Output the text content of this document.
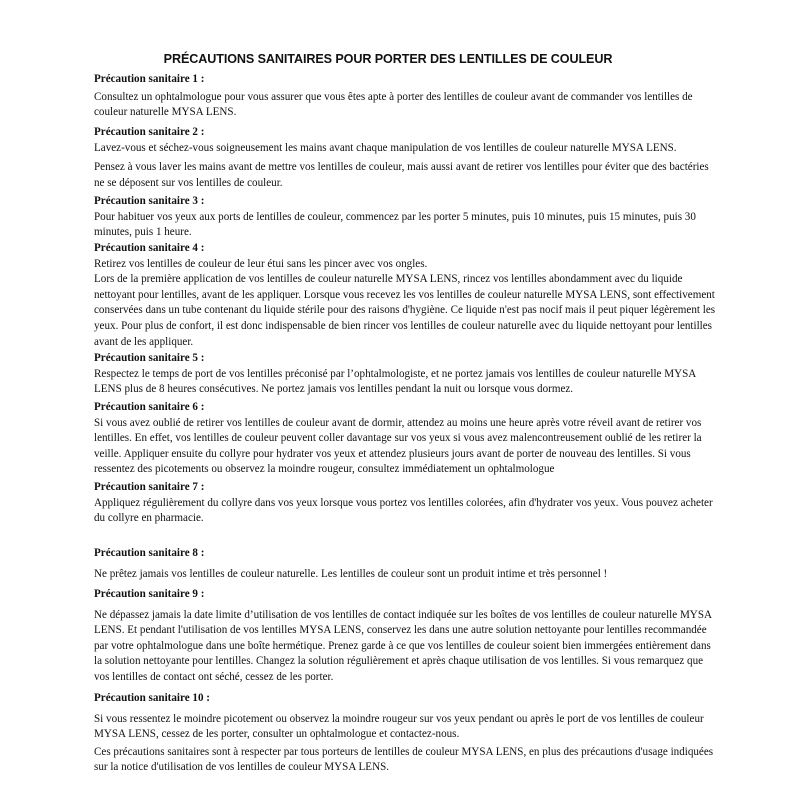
PRÉCAUTIONS SANITAIRES POUR PORTER DES LENTILLES DE COULEUR

Précaution sanitaire 1 :

Consultez un ophtalmologue pour vous assurer que vous êtes apte à porter des lentilles de couleur avant de commander vos lentilles de couleur naturelle MYSA LENS.

Précaution sanitaire 2 :

Lavez-vous et séchez-vous soigneusement les mains avant chaque manipulation de vos lentilles de couleur naturelle MYSA LENS.

Pensez à vous laver les mains avant de mettre vos lentilles de couleur, mais aussi avant de retirer vos lentilles pour éviter que des bactéries ne se déposent sur vos lentilles de couleur.

Précaution sanitaire 3 :

Pour habituer vos yeux aux ports de lentilles de couleur, commencez par les porter 5 minutes, puis 10 minutes, puis 15 minutes, puis 30 minutes, puis 1 heure.

Précaution sanitaire 4 :

Retirez vos lentilles de couleur de leur étui sans les pincer avec vos ongles.

Lors de la première application de vos lentilles de couleur naturelle MYSA LENS, rincez vos lentilles abondamment avec du liquide nettoyant pour lentilles, avant de les appliquer. Lorsque vous recevez les vos lentilles de couleur naturelle MYSA LENS, sont effectivement conservées dans un tube contenant du liquide stérile pour des raisons d'hygiène. Ce liquide n'est pas nocif mais il peut piquer légèrement les yeux. Pour plus de confort, il est donc indispensable de bien rincer vos lentilles de couleur naturelle avec du liquide nettoyant pour lentilles avant de les appliquer.

Précaution sanitaire 5 :

Respectez le temps de port de vos lentilles préconisé par l’ophtalmologiste, et ne portez jamais vos lentilles de couleur naturelle MYSA LENS plus de 8 heures consécutives. Ne portez jamais vos lentilles pendant la nuit ou lorsque vous dormez.

Précaution sanitaire 6 :

Si vous avez oublié de retirer vos lentilles de couleur avant de dormir, attendez au moins une heure après votre réveil avant de retirer vos lentilles. En effet, vos lentilles de couleur peuvent coller davantage sur vos yeux si vous avez malencontreusement oublié de les retirer la veille. Appliquer ensuite du collyre pour hydrater vos yeux et attendez plusieurs jours avant de porter de nouveau des lentilles. Si vous ressentez des picotements ou observez la moindre rougeur, consultez immédiatement un ophtalmologue

Précaution sanitaire 7 :

Appliquez régulièrement du collyre dans vos yeux lorsque vous portez vos lentilles colorées, afin d'hydrater vos yeux. Vous pouvez acheter du collyre en pharmacie.

Précaution sanitaire 8 :

Ne prêtez jamais vos lentilles de couleur naturelle. Les lentilles de couleur sont un produit intime et très personnel !

Précaution sanitaire 9 :

Ne dépassez jamais la date limite d’utilisation de vos lentilles de contact indiquée sur les boîtes de vos lentilles de couleur naturelle MYSA LENS. Et pendant l'utilisation de vos lentilles MYSA LENS, conservez les dans une autre solution nettoyante pour lentilles recommandée par votre ophtalmologue dans une boîte hermétique. Prenez garde à ce que vos lentilles de couleur soient bien immergées entièrement dans la solution nettoyante pour lentilles. Changez la solution régulièrement et après chaque utilisation de vos lentilles. Si vous remarquez que vos lentilles de contact ont séché, cessez de les porter.

Précaution sanitaire 10 :

Si vous ressentez le moindre picotement ou observez la moindre rougeur sur vos yeux pendant ou après le port de vos lentilles de couleur MYSA LENS, cessez de les porter, consulter un ophtalmologue et contactez-nous.

Ces précautions sanitaires sont à respecter par tous porteurs de lentilles de couleur MYSA LENS, en plus des précautions d'usage indiquées sur la notice d'utilisation de vos lentilles de couleur MYSA LENS.
